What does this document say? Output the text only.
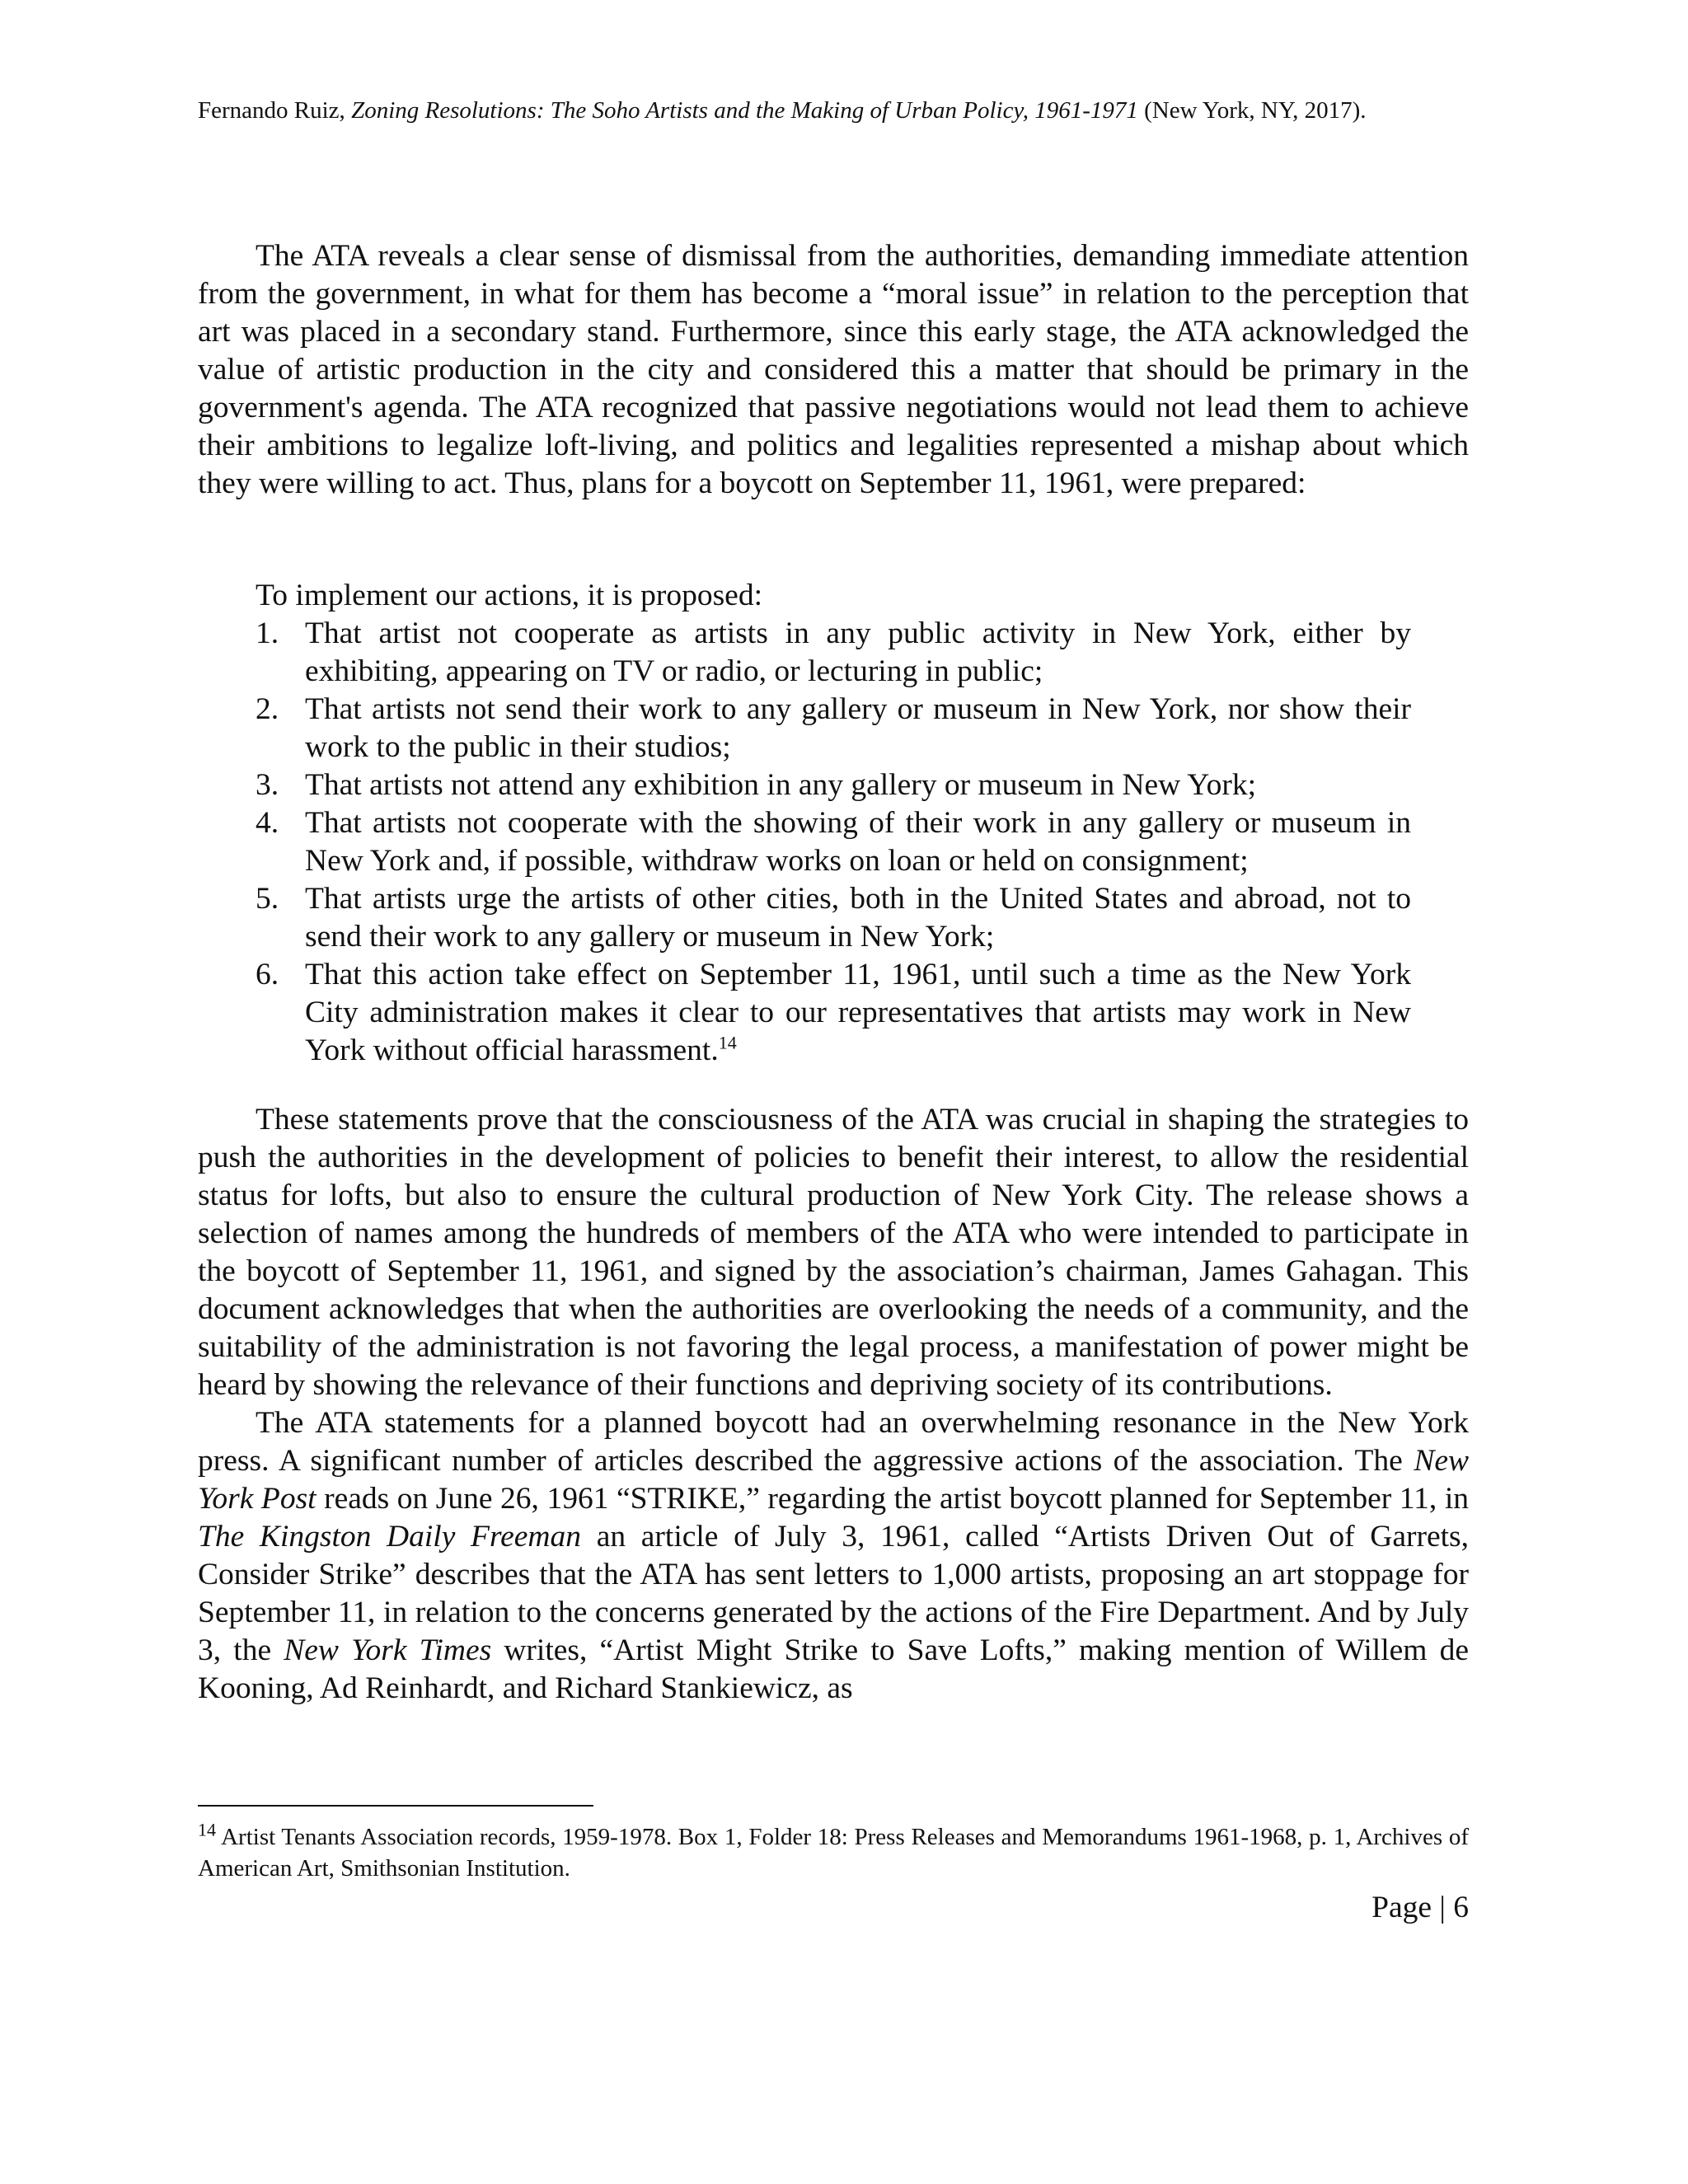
Fernando Ruiz, Zoning Resolutions: The Soho Artists and the Making of Urban Policy, 1961-1971 (New York, NY, 2017).

The ATA reveals a clear sense of dismissal from the authorities, demanding immediate attention from the government, in what for them has become a “moral issue” in relation to the perception that art was placed in a secondary stand. Furthermore, since this early stage, the ATA acknowledged the value of artistic production in the city and considered this a matter that should be primary in the government's agenda. The ATA recognized that passive negotiations would not lead them to achieve their ambitions to legalize loft-living, and politics and legalities represented a mishap about which they were willing to act. Thus, plans for a boycott on September 11, 1961, were prepared:

To implement our actions, it is proposed:

1. That artist not cooperate as artists in any public activity in New York, either by exhibiting, appearing on TV or radio, or lecturing in public;
2. That artists not send their work to any gallery or museum in New York, nor show their work to the public in their studios;
3. That artists not attend any exhibition in any gallery or museum in New York;
4. That artists not cooperate with the showing of their work in any gallery or museum in New York and, if possible, withdraw works on loan or held on consignment;
5. That artists urge the artists of other cities, both in the United States and abroad, not to send their work to any gallery or museum in New York;
6. That this action take effect on September 11, 1961, until such a time as the New York City administration makes it clear to our representatives that artists may work in New York without official harassment.$^{14}$

These statements prove that the consciousness of the ATA was crucial in shaping the strategies to push the authorities in the development of policies to benefit their interest, to allow the residential status for lofts, but also to ensure the cultural production of New York City. The release shows a selection of names among the hundreds of members of the ATA who were intended to participate in the boycott of September 11, 1961, and signed by the association’s chairman, James Gahagan. This document acknowledges that when the authorities are overlooking the needs of a community, and the suitability of the administration is not favoring the legal process, a manifestation of power might be heard by showing the relevance of their functions and depriving society of its contributions.

The ATA statements for a planned boycott had an overwhelming resonance in the New York press. A significant number of articles described the aggressive actions of the association. The New York Post reads on June 26, 1961 “STRIKE,” regarding the artist boycott planned for September 11, in The Kingston Daily Freeman an article of July 3, 1961, called “Artists Driven Out of Garrets, Consider Strike” describes that the ATA has sent letters to 1,000 artists, proposing an art stoppage for September 11, in relation to the concerns generated by the actions of the Fire Department. And by July 3, the New York Times writes, “Artist Might Strike to Save Lofts,” making mention of Willem de Kooning, Ad Reinhardt, and Richard Stankiewicz, as

$^{14}$ Artist Tenants Association records, 1959-1978. Box 1, Folder 18: Press Releases and Memorandums 1961-1968, p. 1, Archives of American Art, Smithsonian Institution.

Page | 6
